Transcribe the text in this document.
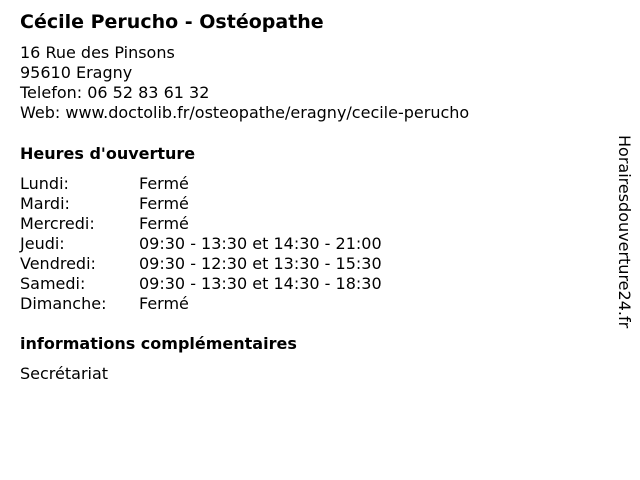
Cécile Perucho - Ostéopathe
16 Rue des Pinsons
95610 Eragny
Telefon: 06 52 83 61 32
Web: www.doctolib.fr/osteopathe/eragny/cecile-perucho
Heures d'ouverture
Lundi:	Fermé
Mardi:	Fermé
Mercredi:	Fermé
Jeudi:	09:30 - 13:30 et 14:30 - 21:00
Vendredi:	09:30 - 12:30 et 13:30 - 15:30
Samedi:	09:30 - 13:30 et 14:30 - 18:30
Dimanche: Fermé
informations complémentaires
Secrétariat
Horairesdouverture24.fr
